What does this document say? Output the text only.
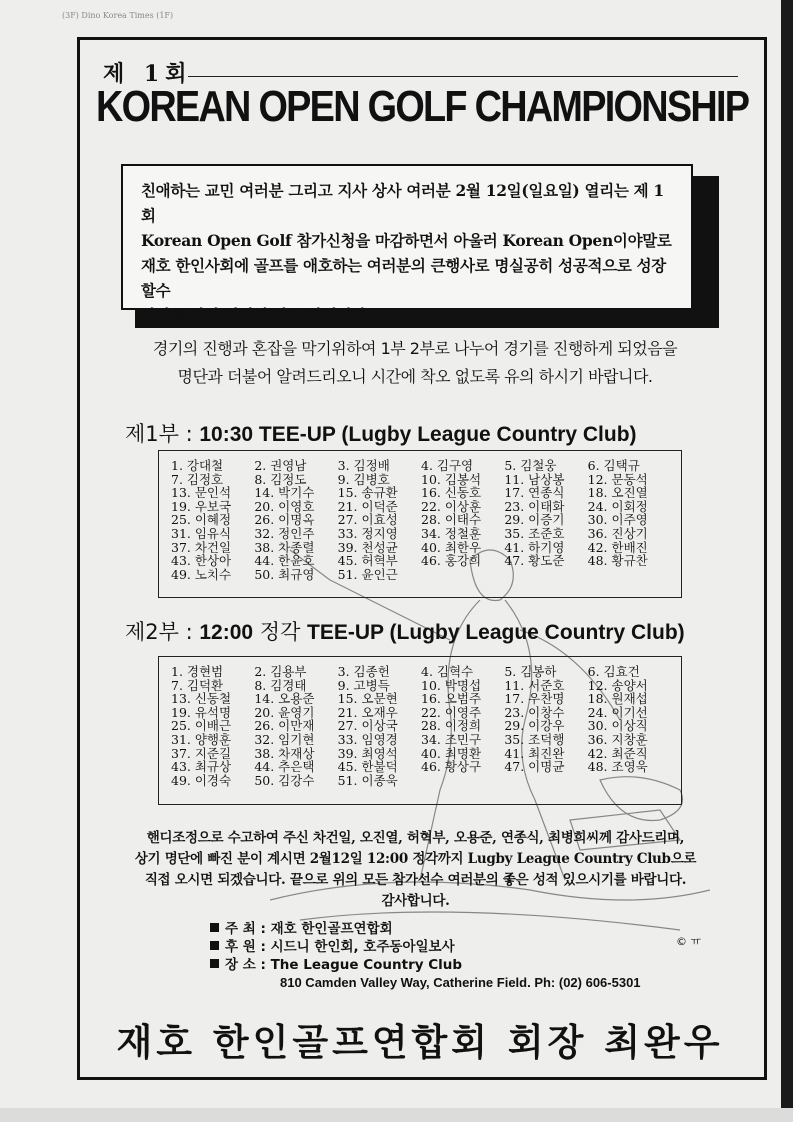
(3F) Dino Korea Times (1F)
제 1회
KOREAN OPEN GOLF CHAMPIONSHIP
친애하는 교민 여러분 그리고 지사 상사 여러분 2월 12일(일요일) 열리는 제 1회
Korean Open Golf 참가신청을 마감하면서 아울러 Korean Open이야말로
재호 한인사회에 골프를 애호하는 여러분의 큰행사로 명실공히 성공적으로 성장할수
있기를 믿어 의심치 않는 바입니다.
경기의 진행과 혼잡을 막기위하여 1부 2부로 나누어 경기를 진행하게 되었음을
명단과 더불어 알려드리오니 시간에 착오 없도록 유의 하시기 바랍니다.
제1부 : 10:30 TEE-UP (Lugby League Country Club)
1. 강대철	2. 권영남	3. 김정배	4. 김구영	5. 김철웅	6. 김택규
7. 김정호	8. 김정도	9. 김병호	10. 김봉석	11. 남상봉	12. 문동석
13. 문인석	14. 박기수	15. 송규환	16. 신동호	17. 연종식	18. 오진열
19. 우보국	20. 이영호	21. 이덕준	22. 이상훈	23. 이태화	24. 이회정
25. 이혜정	26. 이명옥	27. 이효성	28. 이태수	29. 이증기	30. 이주영
31. 임유식	32. 정인주	33. 정지영	34. 정철훈	35. 조준호	36. 진상기
37. 차건일	38. 차종렬	39. 천성균	40. 최한우	41. 하기영	42. 한배진
43. 한상아	44. 한윤호	45. 허혁부	46. 홍강희	47. 황도준	48. 황규찬
49. 노치수	50. 최규영	51. 윤인근
제2부 : 12:00 정각 TEE-UP (Lugby League Country Club)
1. 경현범	2. 김용부	3. 김종헌	4. 김혁수	5. 김봉하	6. 김효건
7. 김덕환	8. 김경태	9. 고병득	10. 박명섭	11. 서준호	12. 송양서
13. 신동철	14. 오용준	15. 오문현	16. 오범주	17. 우찬명	18. 원재섭
19. 유석명	20. 윤영기	21. 오재우	22. 이영주	23. 이창수	24. 이기선
25. 이배근	26. 이만재	27. 이상국	28. 이정희	29. 이강우	30. 이상직
31. 양행훈	32. 임기현	33. 임영경	34. 조민구	35. 조덕행	36. 지창훈
37. 지준길	38. 차재상	39. 최영석	40. 최명환	41. 최진완	42. 최준직
43. 최규상	44. 추은택	45. 한불덕	46. 황상구	47. 이명균	48. 조영욱
49. 이경숙	50. 김강수	51. 이종욱
핸디조정으로 수고하여 주신 차건일, 오진열, 허혁부, 오용준, 연종식, 최병희씨께 감사드리며,
상기 명단에 빠진 분이 계시면 2월12일 12:00 정각까지 Lugby League Country Club으로
직접 오시면 되겠습니다. 끝으로 위의 모든 참가선수 여러분의 좋은 성적 있으시기를 바랍니다.
감사합니다.
주 최 : 재호 한인골프연합회
후 원 : 시드니 한인회, 호주동아일보사
장 소 : The League Country Club
810 Camden Valley Way, Catherine Field. Ph: (02) 606-5301
© ㅠ
재호 한인골프연합회 회장 최완우
